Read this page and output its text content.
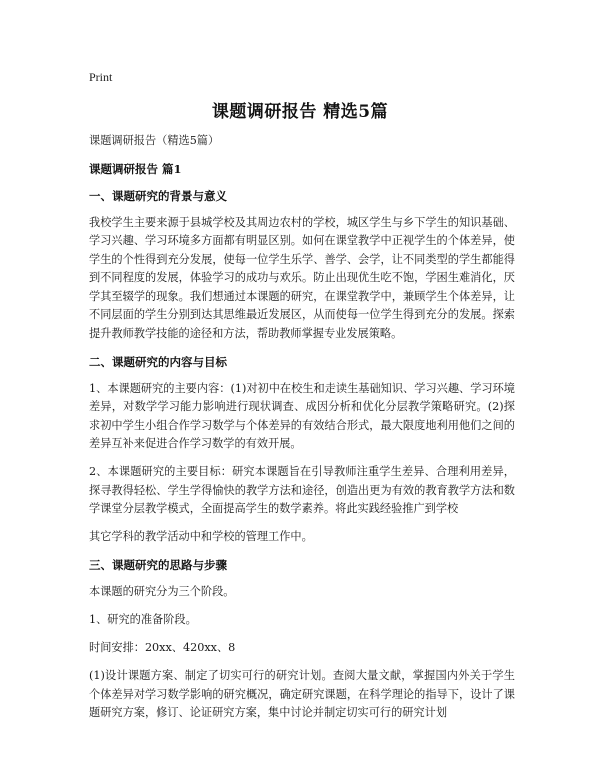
Print
课题调研报告 精选5篇

课题调研报告（精选5篇）

课题调研报告 篇1
一、课题研究的背景与意义

我校学生主要来源于县城学校及其周边农村的学校，城区学生与乡下学生的知识基础、学习兴趣、学习环境多方面都有明显区别。如何在课堂教学中正视学生的个体差异，使学生的个性得到充分发展，使每一位学生乐学、善学、会学，让不同类型的学生都能得到不同程度的发展，体验学习的成功与欢乐。防止出现优生吃不饱，学困生难消化，厌学其至辍学的现象。我们想通过本课题的研究，在课堂教学中，兼顾学生个体差异，让不同层面的学生分别到达其思维最近发展区，从而使每一位学生得到充分的发展。探索提升教师教学技能的途径和方法，帮助教师掌握专业发展策略。

二、课题研究的内容与目标

1、本课题研究的主要内容：(1)对初中在校生和走读生基础知识、学习兴趣、学习环境差异，对数学学习能力影响进行现状调查、成因分析和优化分层教学策略研究。(2)探求初中学生小组合作学习数学与个体差异的有效结合形式，最大限度地利用他们之间的差异互补来促进合作学习数学的有效开展。

2、本课题研究的主要目标：研究本课题旨在引导教师注重学生差异、合理利用差异，探寻教得轻松、学生学得愉快的教学方法和途径，创造出更为有效的教育教学方法和数学课堂分层教学模式，全面提高学生的数学素养。将此实践经验推广到学校

其它学科的教学活动中和学校的管理工作中。

三、课题研究的思路与步骤

本课题的研究分为三个阶段。

1、研究的准备阶段。

时间安排：20xx、420xx、8

(1)设计课题方案、制定了切实可行的研究计划。查阅大量文献，掌握国内外关于学生个体差异对学习数学影响的研究概况，确定研究课题，在科学理论的指导下，设计了课题研究方案，修订、论证研究方案，集中讨论并制定切实可行的研究计划
